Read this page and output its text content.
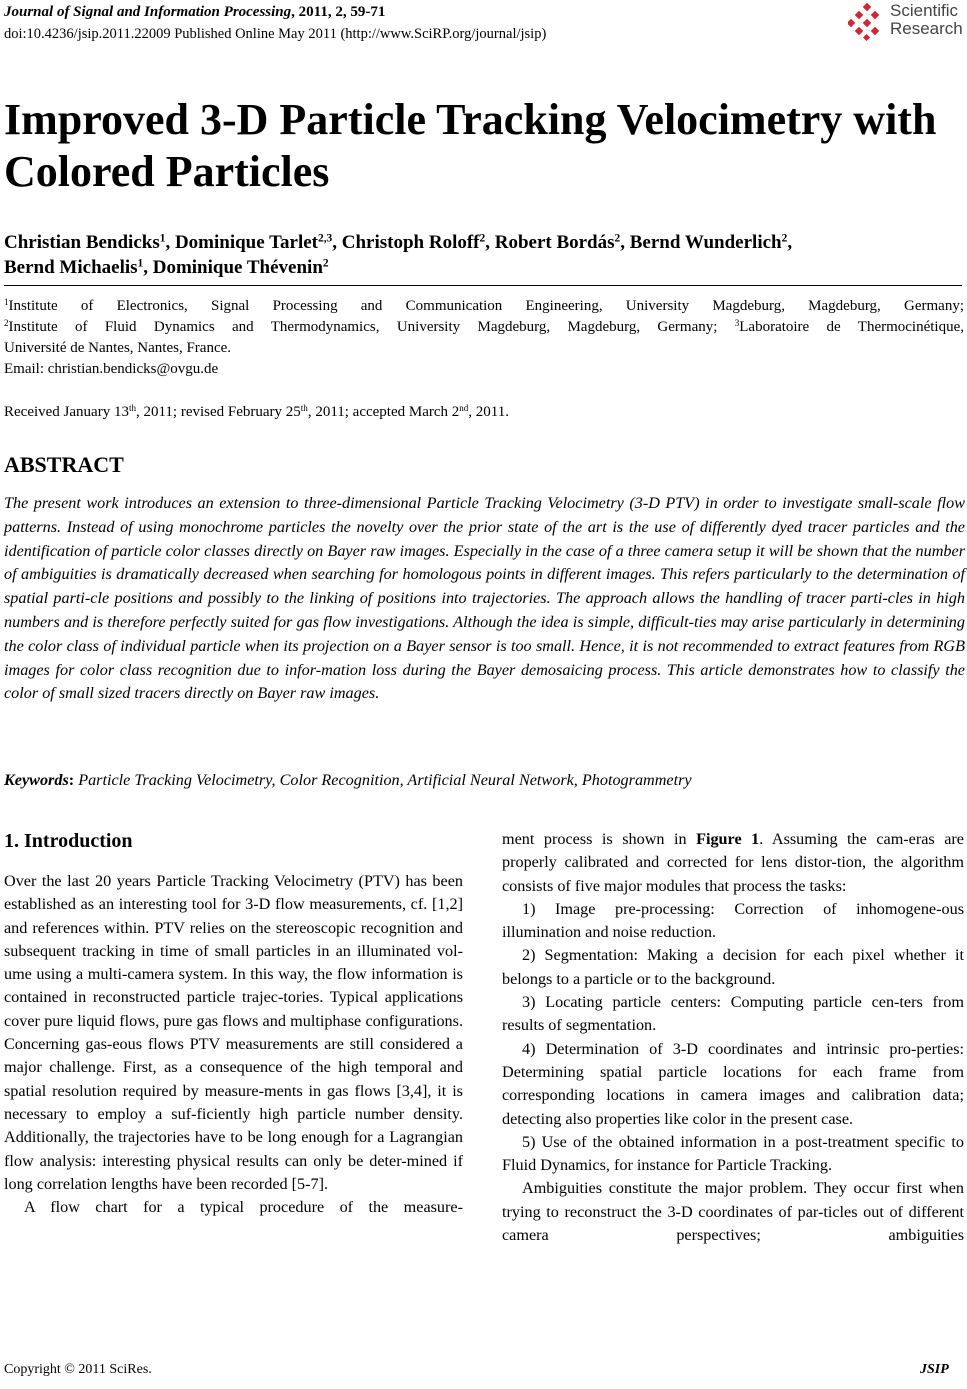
Journal of Signal and Information Processing, 2011, 2, 59-71
doi:10.4236/jsip.2011.22009 Published Online May 2011 (http://www.SciRP.org/journal/jsip)
Scientific
Research
Improved 3-D Particle Tracking Velocimetry with
Colored Particles
Christian Bendicks$^1$, Dominique Tarlet$^{2,3}$, Christoph Roloff$^2$, Robert Bordás$^2$, Bernd Wunderlich$^2$,
Bernd Michaelis$^1$, Dominique Thévenin$^2$
$^1$Institute of Electronics, Signal Processing and Communication Engineering, University Magdeburg, Magdeburg, Germany;
$^2$Institute of Fluid Dynamics and Thermodynamics, University Magdeburg, Magdeburg, Germany; $^3$Laboratoire de Thermocinétique,
Université de Nantes, Nantes, France.
Email: christian.bendicks@ovgu.de
Received January 13th, 2011; revised February 25th, 2011; accepted March 2nd, 2011.
ABSTRACT
The present work introduces an extension to three-dimensional Particle Tracking Velocimetry (3-D PTV) in order to investigate small-scale flow patterns. Instead of using monochrome particles the novelty over the prior state of the art is the use of differently dyed tracer particles and the identification of particle color classes directly on Bayer raw images. Especially in the case of a three camera setup it will be shown that the number of ambiguities is dramatically decreased when searching for homologous points in different images. This refers particularly to the determination of spatial parti-cle positions and possibly to the linking of positions into trajectories. The approach allows the handling of tracer parti-cles in high numbers and is therefore perfectly suited for gas flow investigations. Although the idea is simple, difficult-ties may arise particularly in determining the color class of individual particle when its projection on a Bayer sensor is too small. Hence, it is not recommended to extract features from RGB images for color class recognition due to infor-mation loss during the Bayer demosaicing process. This article demonstrates how to classify the color of small sized tracers directly on Bayer raw images.
Keywords: Particle Tracking Velocimetry, Color Recognition, Artificial Neural Network, Photogrammetry
1. Introduction

Over the last 20 years Particle Tracking Velocimetry (PTV) has been established as an interesting tool for 3-D flow measurements, cf. [1,2] and references within. PTV relies on the stereoscopic recognition and subsequent tracking in time of small particles in an illuminated vol-ume using a multi-camera system. In this way, the flow information is contained in reconstructed particle trajec-tories. Typical applications cover pure liquid flows, pure gas flows and multiphase configurations. Concerning gas-eous flows PTV measurements are still considered a major challenge. First, as a consequence of the high temporal and spatial resolution required by measure-ments in gas flows [3,4], it is necessary to employ a suf-ficiently high particle number density. Additionally, the trajectories have to be long enough for a Lagrangian flow analysis: interesting physical results can only be deter-mined if long correlation lengths have been recorded [5-7].

A flow chart for a typical procedure of the measure-

ment process is shown in Figure 1. Assuming the cam-eras are properly calibrated and corrected for lens distor-tion, the algorithm consists of five major modules that process the tasks:

1) Image pre-processing: Correction of inhomogene-ous illumination and noise reduction.

2) Segmentation: Making a decision for each pixel whether it belongs to a particle or to the background.

3) Locating particle centers: Computing particle cen-ters from results of segmentation.

4) Determination of 3-D coordinates and intrinsic pro-perties: Determining spatial particle locations for each frame from corresponding locations in camera images and calibration data; detecting also properties like color in the present case.

5) Use of the obtained information in a post-treatment specific to Fluid Dynamics, for instance for Particle Tracking.

Ambiguities constitute the major problem. They occur first when trying to reconstruct the 3-D coordinates of par-ticles out of different camera perspectives; ambiguities

Copyright © 2011 SciRes.	JSIP
